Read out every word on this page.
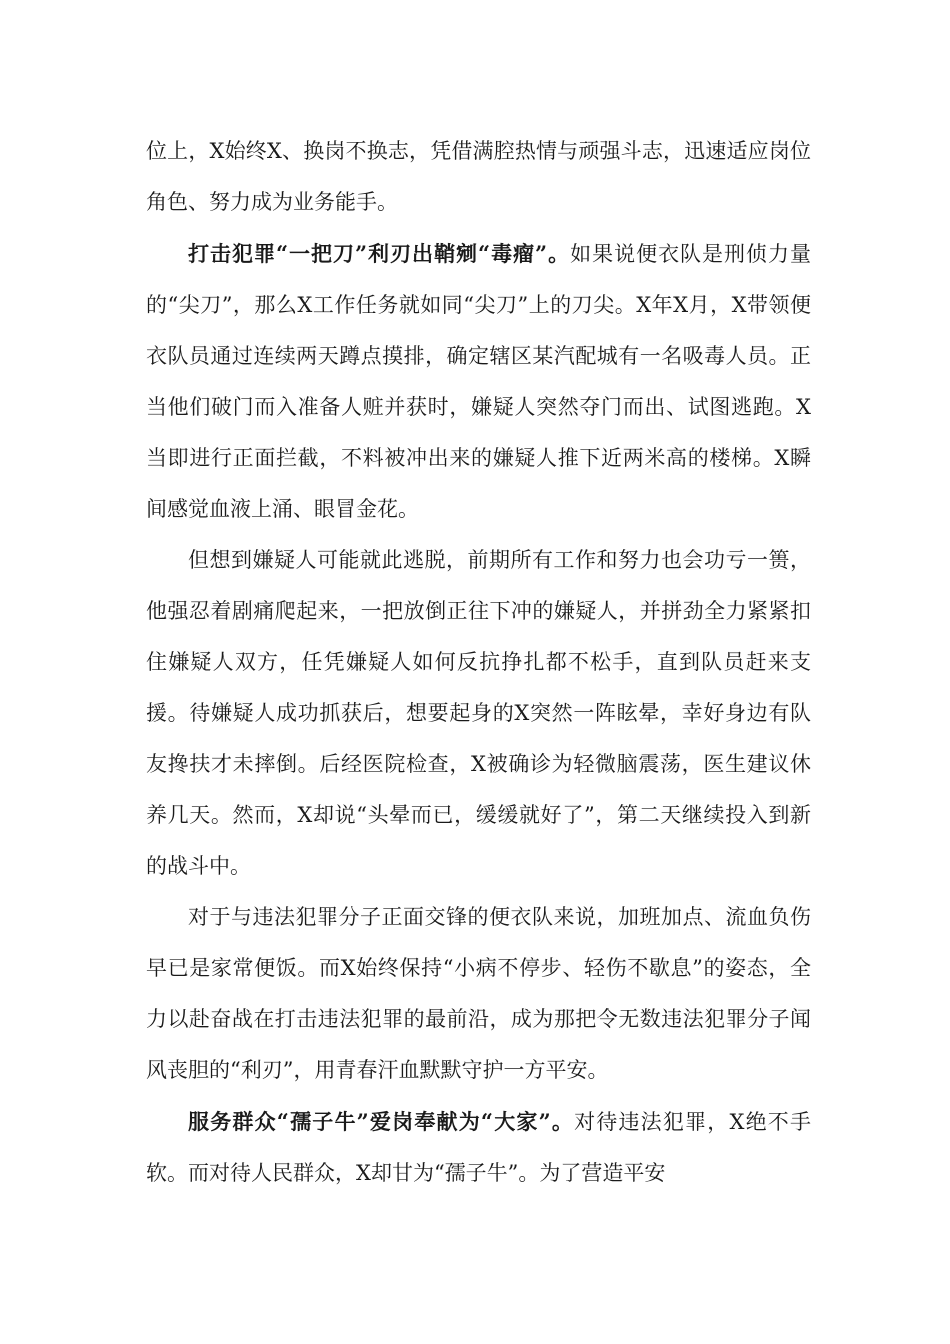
位上，X始终X、换岗不换志，凭借满腔热情与顽强斗志，迅速适应岗位角色、努力成为业务能手。

打击犯罪“一把刀”利刃出鞘剜“毒瘤”。如果说便衣队是刑侦力量的“尖刀”，那么X工作任务就如同“尖刀”上的刀尖。X年X月，X带领便衣队员通过连续两天蹲点摸排，确定辖区某汽配城有一名吸毒人员。正当他们破门而入准备人赃并获时，嫌疑人突然夺门而出、试图逃跑。X当即进行正面拦截，不料被冲出来的嫌疑人推下近两米高的楼梯。X瞬间感觉血液上涌、眼冒金花。

但想到嫌疑人可能就此逃脱，前期所有工作和努力也会功亏一篑，他强忍着剧痛爬起来，一把放倒正往下冲的嫌疑人，并拼劲全力紧紧扣住嫌疑人双方，任凭嫌疑人如何反抗挣扎都不松手，直到队员赶来支援。待嫌疑人成功抓获后，想要起身的X突然一阵眩晕，幸好身边有队友搀扶才未摔倒。后经医院检查，X被确诊为轻微脑震荡，医生建议休养几天。然而，X却说“头晕而已，缓缓就好了”，第二天继续投入到新的战斗中。

对于与违法犯罪分子正面交锋的便衣队来说，加班加点、流血负伤早已是家常便饭。而X始终保持“小病不停步、轻伤不歇息”的姿态，全力以赴奋战在打击违法犯罪的最前沿，成为那把令无数违法犯罪分子闻风丧胆的“利刃”，用青春汗血默默守护一方平安。

服务群众“孺子牛”爱岗奉献为“大家”。对待违法犯罪，X绝不手软。而对待人民群众，X却甘为“孺子牛”。为了营造平安
